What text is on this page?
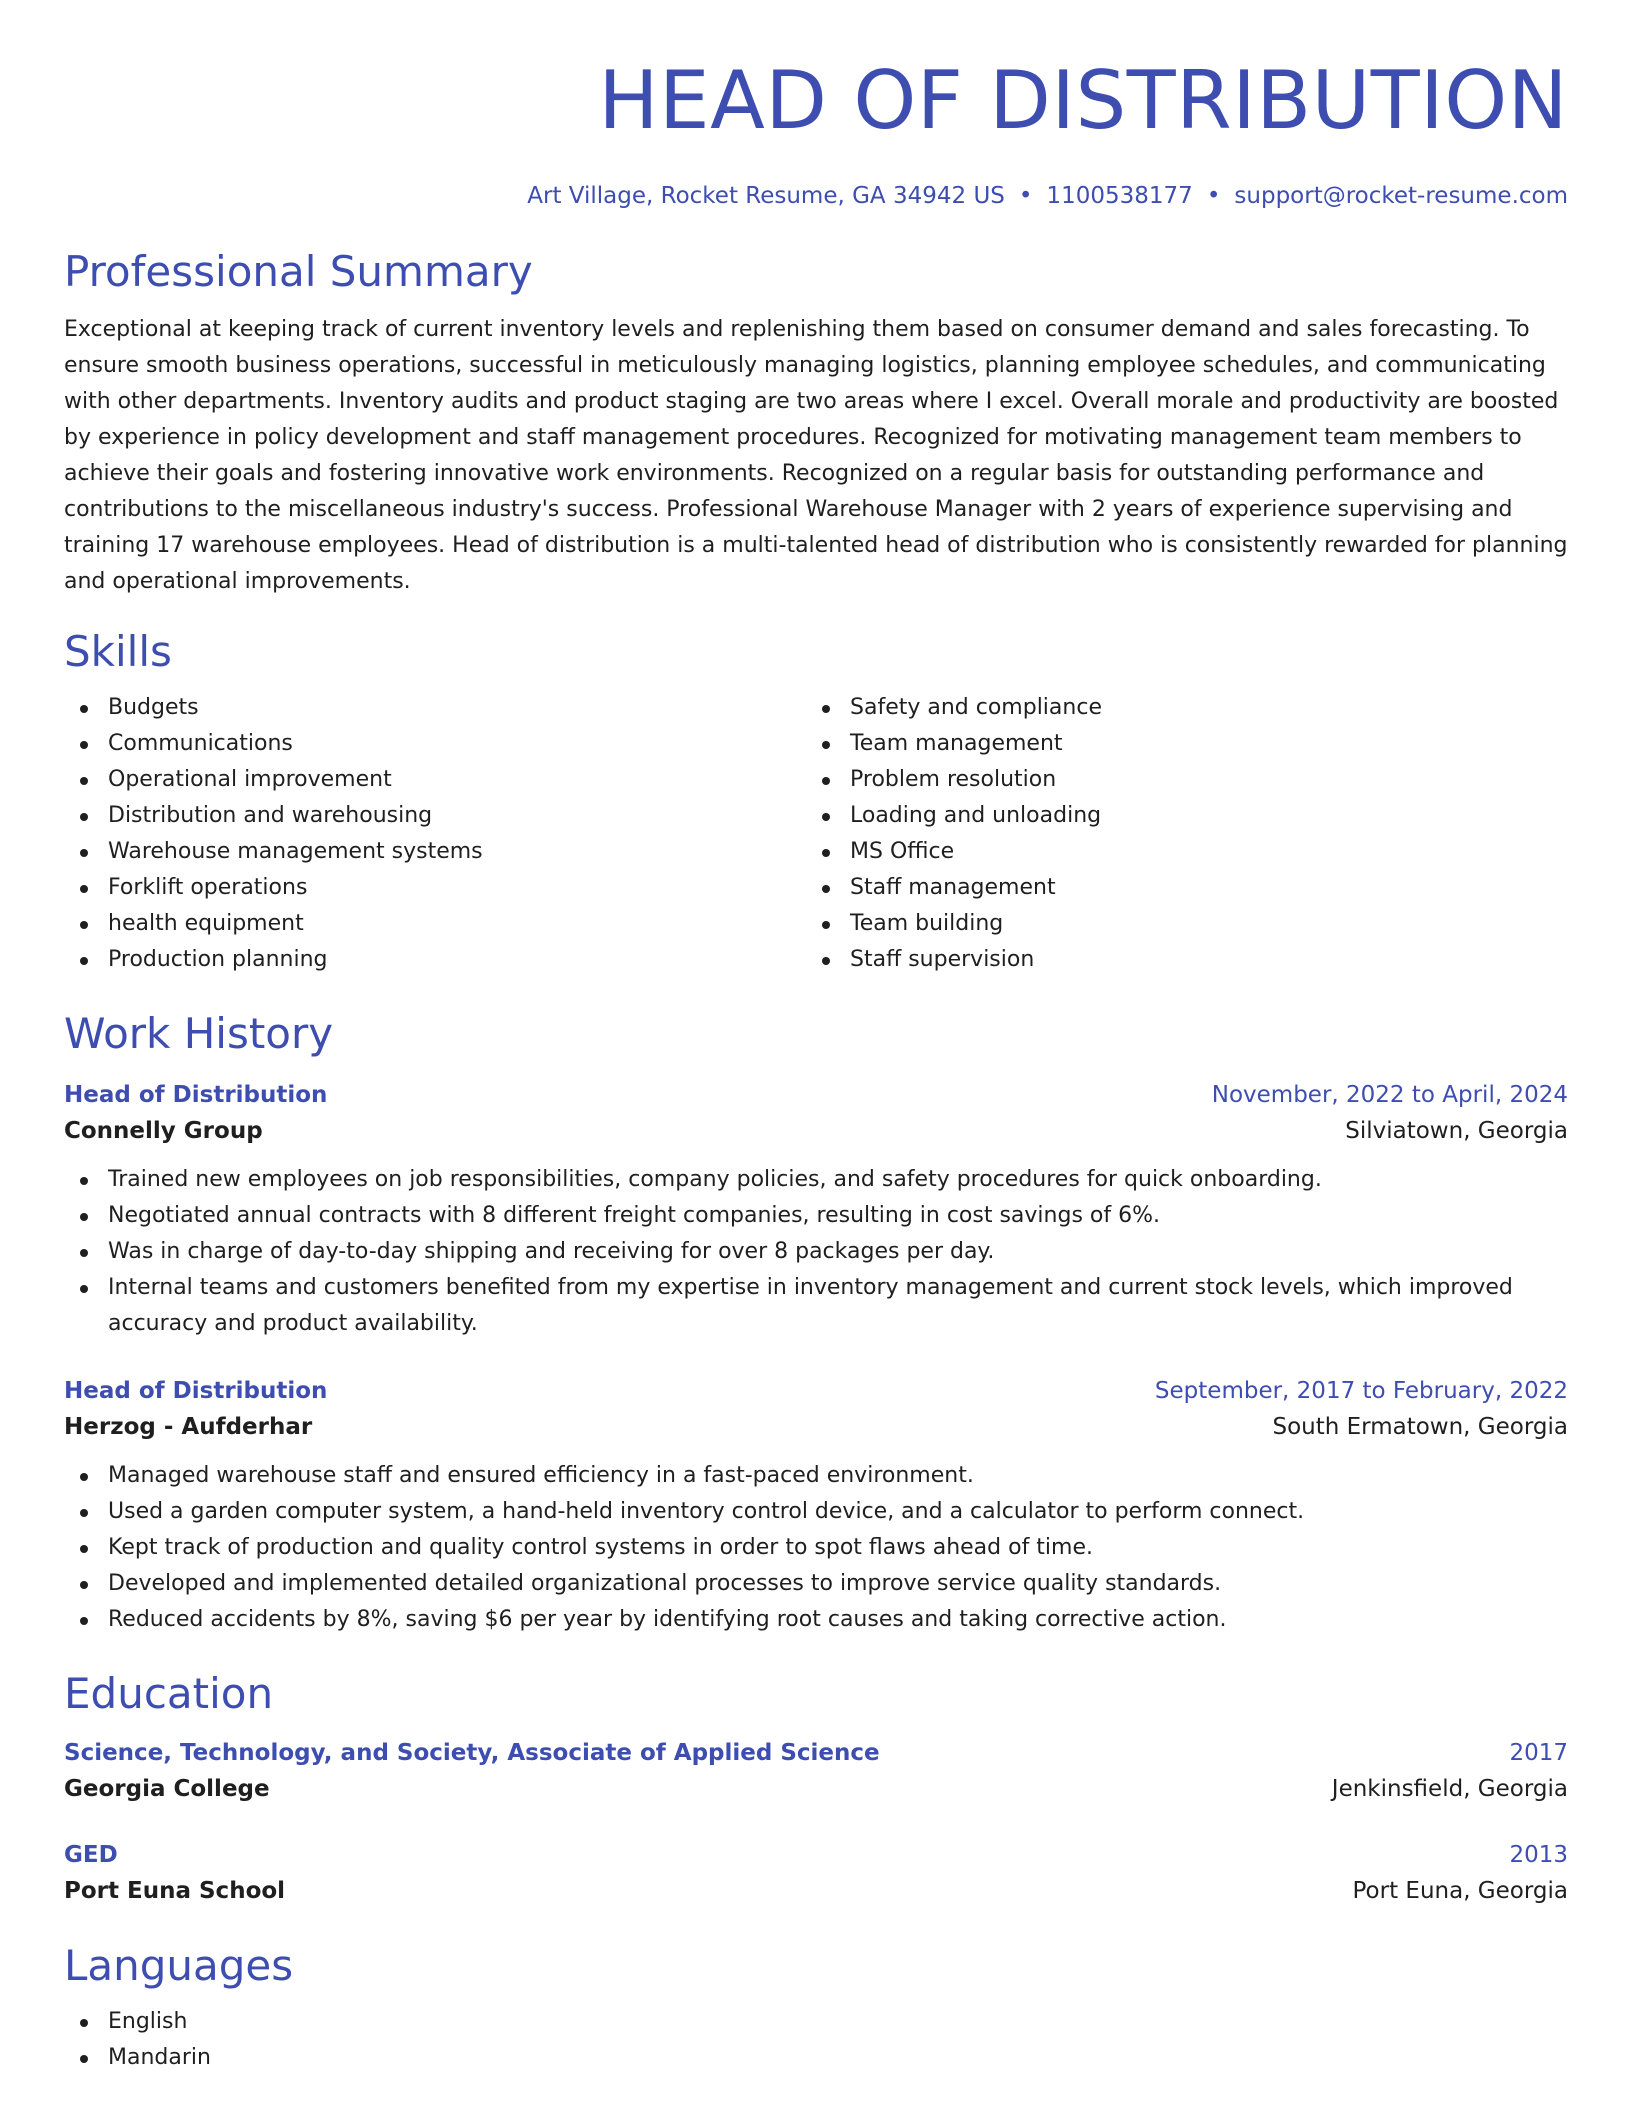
HEAD OF DISTRIBUTION
Art Village, Rocket Resume, GA 34942 US • 1100538177 • support@rocket-resume.com
Professional Summary

Exceptional at keeping track of current inventory levels and replenishing them based on consumer demand and sales forecasting. To ensure smooth business operations, successful in meticulously managing logistics, planning employee schedules, and communicating with other departments. Inventory audits and product staging are two areas where I excel. Overall morale and productivity are boosted by experience in policy development and staff management procedures. Recognized for motivating management team members to achieve their goals and fostering innovative work environments. Recognized on a regular basis for outstanding performance and contributions to the miscellaneous industry's success. Professional Warehouse Manager with 2 years of experience supervising and training 17 warehouse employees. Head of distribution is a multi-talented head of distribution who is consistently rewarded for planning and operational improvements.

Skills
Budgets
Communications
Operational improvement
Distribution and warehousing
Warehouse management systems
Forklift operations
health equipment
Production planning
Safety and compliance
Team management
Problem resolution
Loading and unloading
MS Office
Staff management
Team building
Staff supervision
Work History
Head of Distribution	November, 2022 to April, 2024
Connelly Group	Silviatown, Georgia
Trained new employees on job responsibilities, company policies, and safety procedures for quick onboarding.
Negotiated annual contracts with 8 different freight companies, resulting in cost savings of 6%.
Was in charge of day-to-day shipping and receiving for over 8 packages per day.
Internal teams and customers benefited from my expertise in inventory management and current stock levels, which improved accuracy and product availability.
Head of Distribution	September, 2017 to February, 2022
Herzog - Aufderhar	South Ermatown, Georgia
Managed warehouse staff and ensured efficiency in a fast-paced environment.
Used a garden computer system, a hand-held inventory control device, and a calculator to perform connect.
Kept track of production and quality control systems in order to spot flaws ahead of time.
Developed and implemented detailed organizational processes to improve service quality standards.
Reduced accidents by 8%, saving $6 per year by identifying root causes and taking corrective action.
Education
Science, Technology, and Society, Associate of Applied Science	2017
Georgia College	Jenkinsfield, Georgia
GED	2013
Port Euna School	Port Euna, Georgia
Languages
English
Mandarin
